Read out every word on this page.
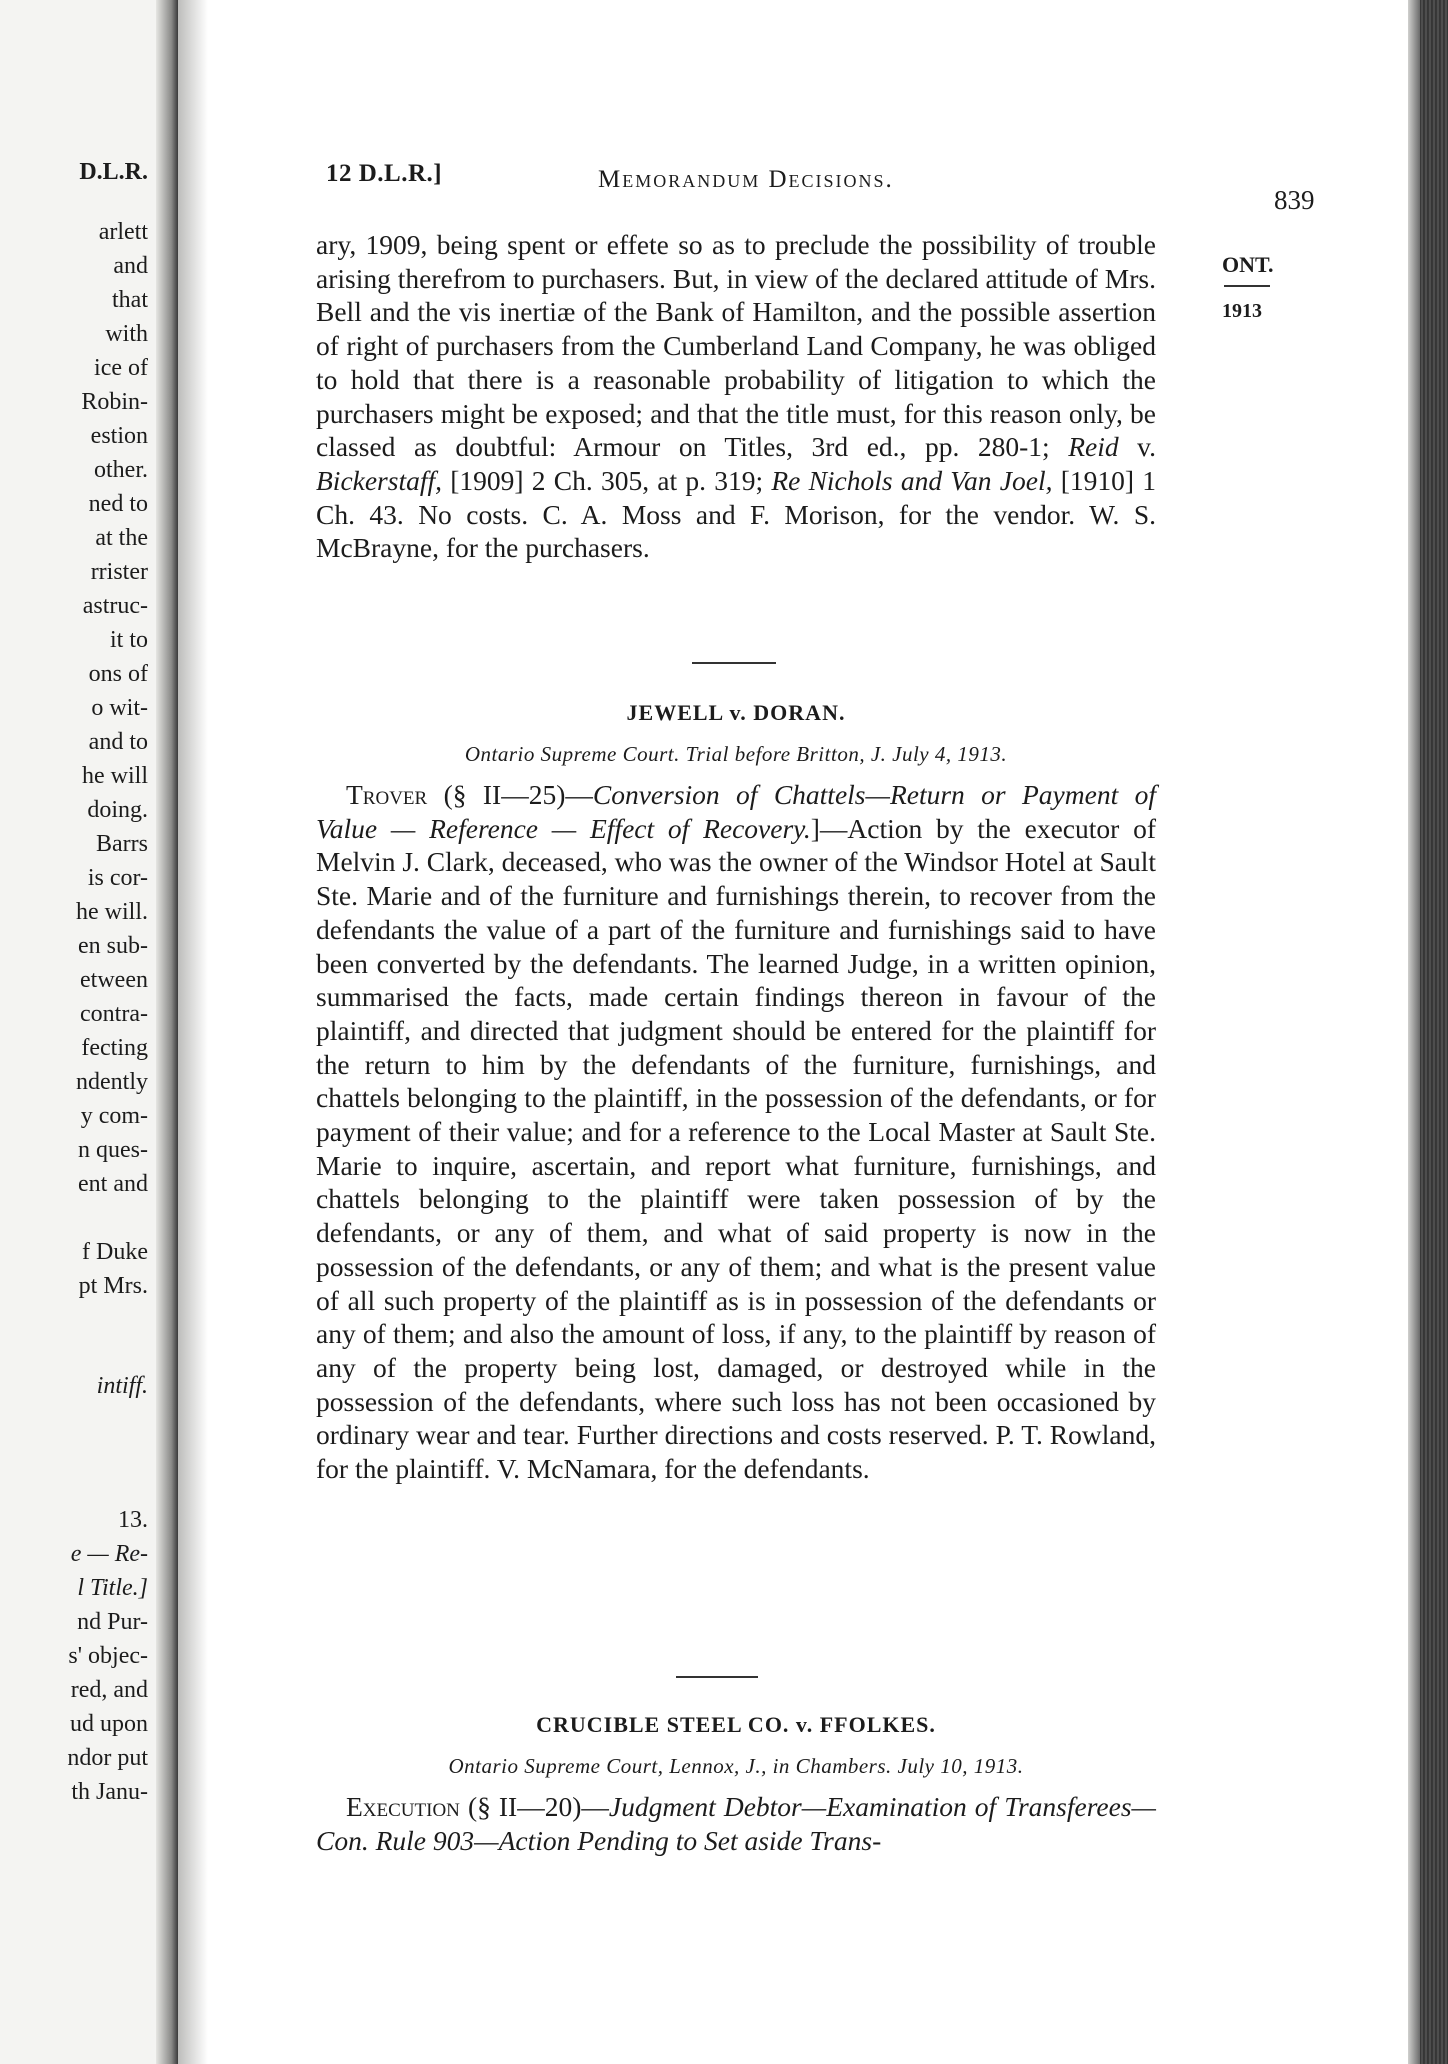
D.L.R.
arlett
and
that
with
ice of
Robin-
estion
other.
ned to
at the
rrister
astruc-
it to
ons of
o wit-
and to
he will
doing.
Barrs
is cor-
he will.
en sub-
etween
contra-
fecting
ndently
y com-
n ques-
ent and
f Duke
pt Mrs.
intiff.
13.
e — Re-
l Title.]
nd Pur-
s' objec-
red, and
ud upon
ndor put
th Janu-
12 D.L.R.]	Memorandum Decisions.
839
ONT.
1913
ary, 1909, being spent or effete so as to preclude the possibility of trouble arising therefrom to purchasers. But, in view of the declared attitude of Mrs. Bell and the vis inertiæ of the Bank of Hamilton, and the possible assertion of right of purchasers from the Cumberland Land Company, he was obliged to hold that there is a reasonable probability of litigation to which the purchasers might be exposed; and that the title must, for this reason only, be classed as doubtful: Armour on Titles, 3rd ed., pp. 280-1; Reid v. Bickerstaff, [1909] 2 Ch. 305, at p. 319; Re Nichols and Van Joel, [1910] 1 Ch. 43. No costs. C. A. Moss and F. Morison, for the vendor. W. S. McBrayne, for the purchasers.
JEWELL v. DORAN.
Ontario Supreme Court. Trial before Britton, J. July 4, 1913.
Trover (§ II—25)—Conversion of Chattels—Return or Payment of Value — Reference — Effect of Recovery.]—Action by the executor of Melvin J. Clark, deceased, who was the owner of the Windsor Hotel at Sault Ste. Marie and of the furniture and furnishings therein, to recover from the defendants the value of a part of the furniture and furnishings said to have been converted by the defendants. The learned Judge, in a written opinion, summarised the facts, made certain findings thereon in favour of the plaintiff, and directed that judgment should be entered for the plaintiff for the return to him by the defendants of the furniture, furnishings, and chattels belonging to the plaintiff, in the possession of the defendants, or for payment of their value; and for a reference to the Local Master at Sault Ste. Marie to inquire, ascertain, and report what furniture, furnishings, and chattels belonging to the plaintiff were taken possession of by the defendants, or any of them, and what of said property is now in the possession of the defendants, or any of them; and what is the present value of all such property of the plaintiff as is in possession of the defendants or any of them; and also the amount of loss, if any, to the plaintiff by reason of any of the property being lost, damaged, or destroyed while in the possession of the defendants, where such loss has not been occasioned by ordinary wear and tear. Further directions and costs reserved. P. T. Rowland, for the plaintiff. V. McNamara, for the defendants.
CRUCIBLE STEEL CO. v. FFOLKES.
Ontario Supreme Court, Lennox, J., in Chambers. July 10, 1913.
Execution (§ II—20)—Judgment Debtor—Examination of Transferees—Con. Rule 903—Action Pending to Set aside Trans-
